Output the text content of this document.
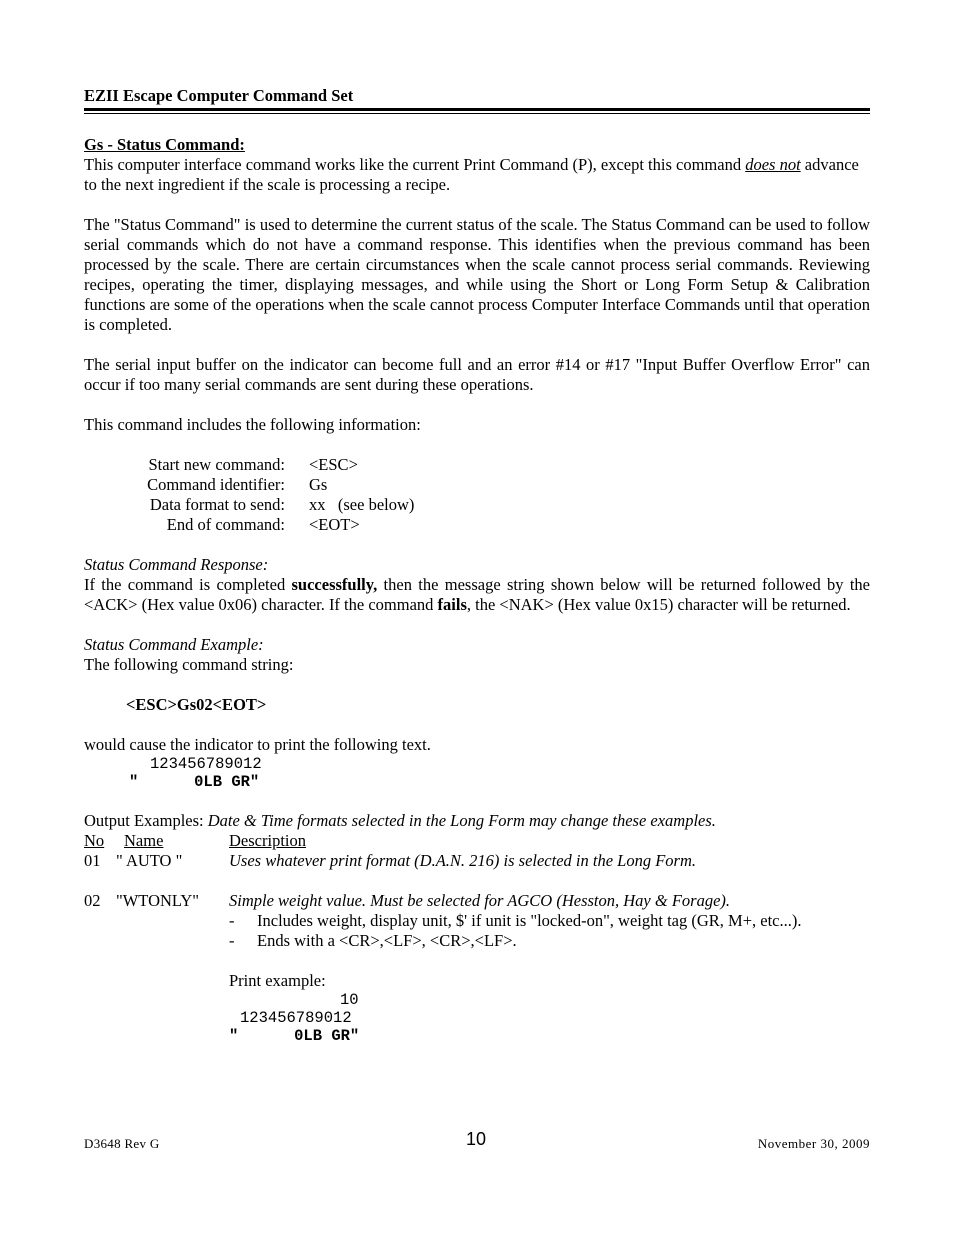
EZII Escape Computer Command Set

Gs - Status Command:

This computer interface command works like the current Print Command (P), except this command does not advance to the next ingredient if the scale is processing a recipe.

The "Status Command" is used to determine the current status of the scale. The Status Command can be used to follow serial commands which do not have a command response. This identifies when the previous command has been processed by the scale. There are certain circumstances when the scale cannot process serial commands. Reviewing recipes, operating the timer, displaying messages, and while using the Short or Long Form Setup & Calibration functions are some of the operations when the scale cannot process Computer Interface Commands until that operation is completed.

The serial input buffer on the indicator can become full and an error #14 or #17 "Input Buffer Overflow Error" can occur if too many serial commands are sent during these operations.

This command includes the following information:

Start new command: <ESC>
Command identifier: Gs
Data format to send: xx   (see below)
End of command: <EOT>

Status Command Response:

If the command is completed successfully, then the message string shown below will be returned followed by the <ACK> (Hex value 0x06) character. If the command fails, the <NAK> (Hex value 0x15) character will be returned.

Status Command Example:

The following command string:

<ESC>Gs02<EOT>

would cause the indicator to print the following text.

123456789012
"      0LB GR"

Output Examples: Date & Time formats selected in the Long Form may change these examples.

No	Name	Description
01 " AUTO "	Uses whatever print format (D.A.N. 216) is selected in the Long Form.
02 "WTONLY"	Simple weight value. Must be selected for AGCO (Hesston, Hay & Forage).
-	Includes weight, display unit, $' if unit is "locked-on", weight tag (GR, M+, etc...).
-	Ends with a <CR>,<LF>, <CR>,<LF>.

Print example:

10
123456789012
"      0LB GR"
D3648 Rev G	10	November 30, 2009
